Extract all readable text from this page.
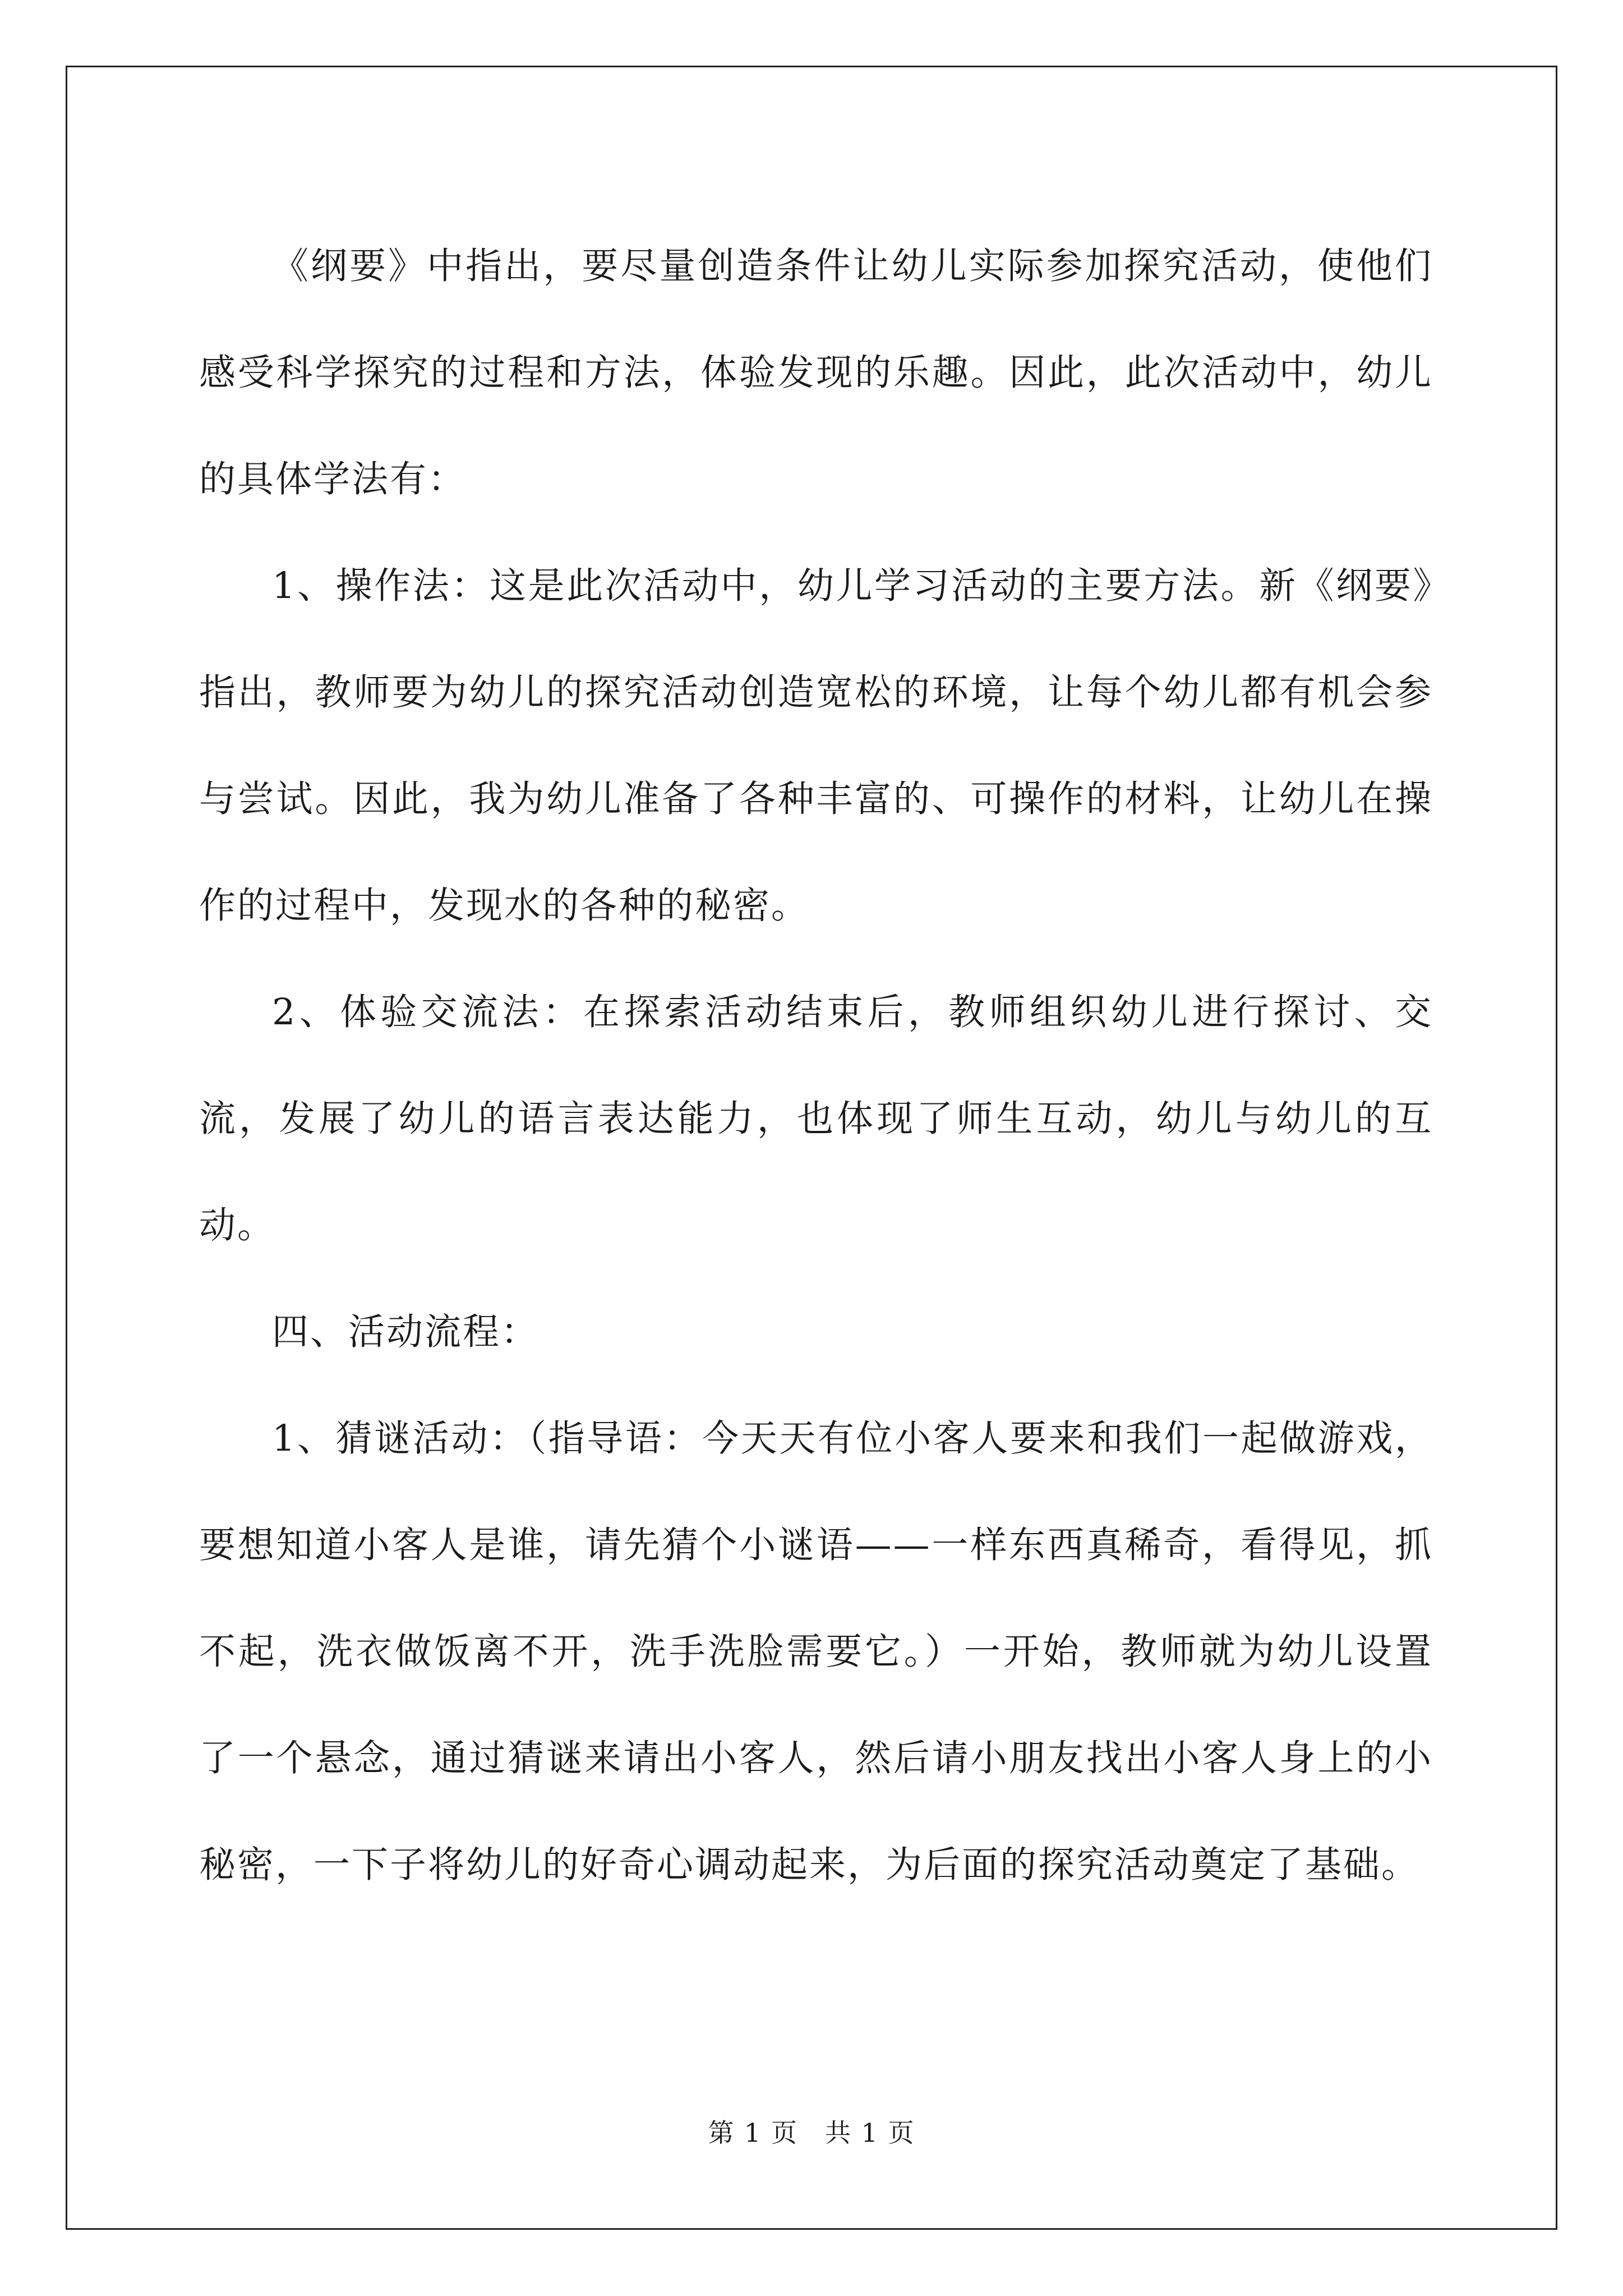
《纲要》中指出，要尽量创造条件让幼儿实际参加探究活动，使他们感受科学探究的过程和方法，体验发现的乐趣。因此，此次活动中，幼儿的具体学法有：

1、操作法：这是此次活动中，幼儿学习活动的主要方法。新《纲要》指出，教师要为幼儿的探究活动创造宽松的环境，让每个幼儿都有机会参与尝试。因此，我为幼儿准备了各种丰富的、可操作的材料，让幼儿在操作的过程中，发现水的各种的秘密。

2、体验交流法：在探索活动结束后，教师组织幼儿进行探讨、交流，发展了幼儿的语言表达能力，也体现了师生互动，幼儿与幼儿的互动。

四、活动流程：

1、猜谜活动：（指导语：今天天有位小客人要来和我们一起做游戏，要想知道小客人是谁，请先猜个小谜语——一样东西真稀奇，看得见，抓不起，洗衣做饭离不开，洗手洗脸需要它。）一开始，教师就为幼儿设置了一个悬念，通过猜谜来请出小客人，然后请小朋友找出小客人身上的小秘密，一下子将幼儿的好奇心调动起来，为后面的探究活动奠定了基础。

第 1 页　共 1 页
